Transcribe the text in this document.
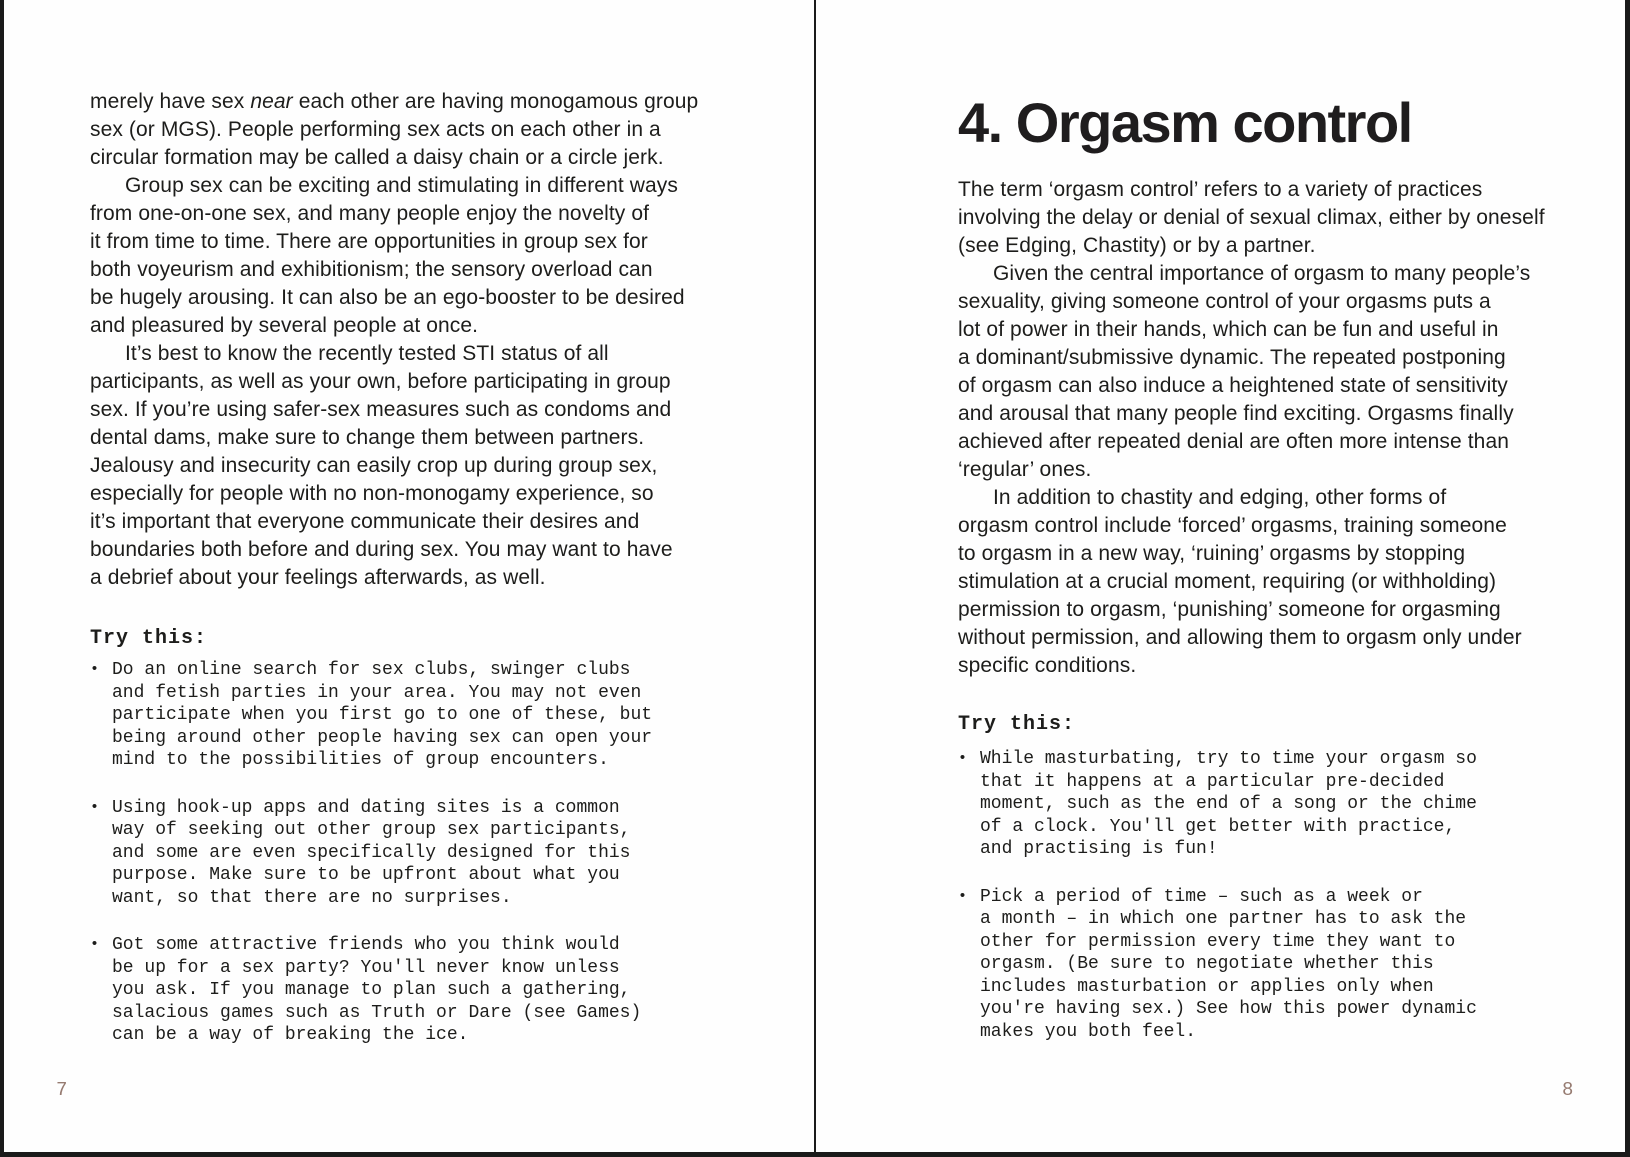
merely have sex near each other are having monogamous group
sex (or MGS). People performing sex acts on each other in a
circular formation may be called a daisy chain or a circle jerk.
Group sex can be exciting and stimulating in different ways
from one-on-one sex, and many people enjoy the novelty of
it from time to time. There are opportunities in group sex for
both voyeurism and exhibitionism; the sensory overload can
be hugely arousing. It can also be an ego-booster to be desired
and pleasured by several people at once.
It’s best to know the recently tested STI status of all
participants, as well as your own, before participating in group
sex. If you’re using safer-sex measures such as condoms and
dental dams, make sure to change them between partners.
Jealousy and insecurity can easily crop up during group sex,
especially for people with no non-monogamy experience, so
it’s important that everyone communicate their desires and
boundaries both before and during sex. You may want to have
a debrief about your feelings afterwards, as well.
Try this:
• Do an online search for sex clubs, swinger clubs
and fetish parties in your area. You may not even
participate when you first go to one of these, but
being around other people having sex can open your
mind to the possibilities of group encounters.
• Using hook-up apps and dating sites is a common
way of seeking out other group sex participants,
and some are even specifically designed for this
purpose. Make sure to be upfront about what you
want, so that there are no surprises.
• Got some attractive friends who you think would
be up for a sex party? You'll never know unless
you ask. If you manage to plan such a gathering,
salacious games such as Truth or Dare (see Games)
can be a way of breaking the ice.
7
4. Orgasm control
The term ‘orgasm control’ refers to a variety of practices
involving the delay or denial of sexual climax, either by oneself
(see Edging, Chastity) or by a partner.
Given the central importance of orgasm to many people’s
sexuality, giving someone control of your orgasms puts a
lot of power in their hands, which can be fun and useful in
a dominant/submissive dynamic. The repeated postponing
of orgasm can also induce a heightened state of sensitivity
and arousal that many people find exciting. Orgasms finally
achieved after repeated denial are often more intense than
‘regular’ ones.
In addition to chastity and edging, other forms of
orgasm control include ‘forced’ orgasms, training someone
to orgasm in a new way, ‘ruining’ orgasms by stopping
stimulation at a crucial moment, requiring (or withholding)
permission to orgasm, ‘punishing’ someone for orgasming
without permission, and allowing them to orgasm only under
specific conditions.
Try this:
• While masturbating, try to time your orgasm so
that it happens at a particular pre-decided
moment, such as the end of a song or the chime
of a clock. You'll get better with practice,
and practising is fun!
• Pick a period of time – such as a week or
a month – in which one partner has to ask the
other for permission every time they want to
orgasm. (Be sure to negotiate whether this
includes masturbation or applies only when
you're having sex.) See how this power dynamic
makes you both feel.
8
